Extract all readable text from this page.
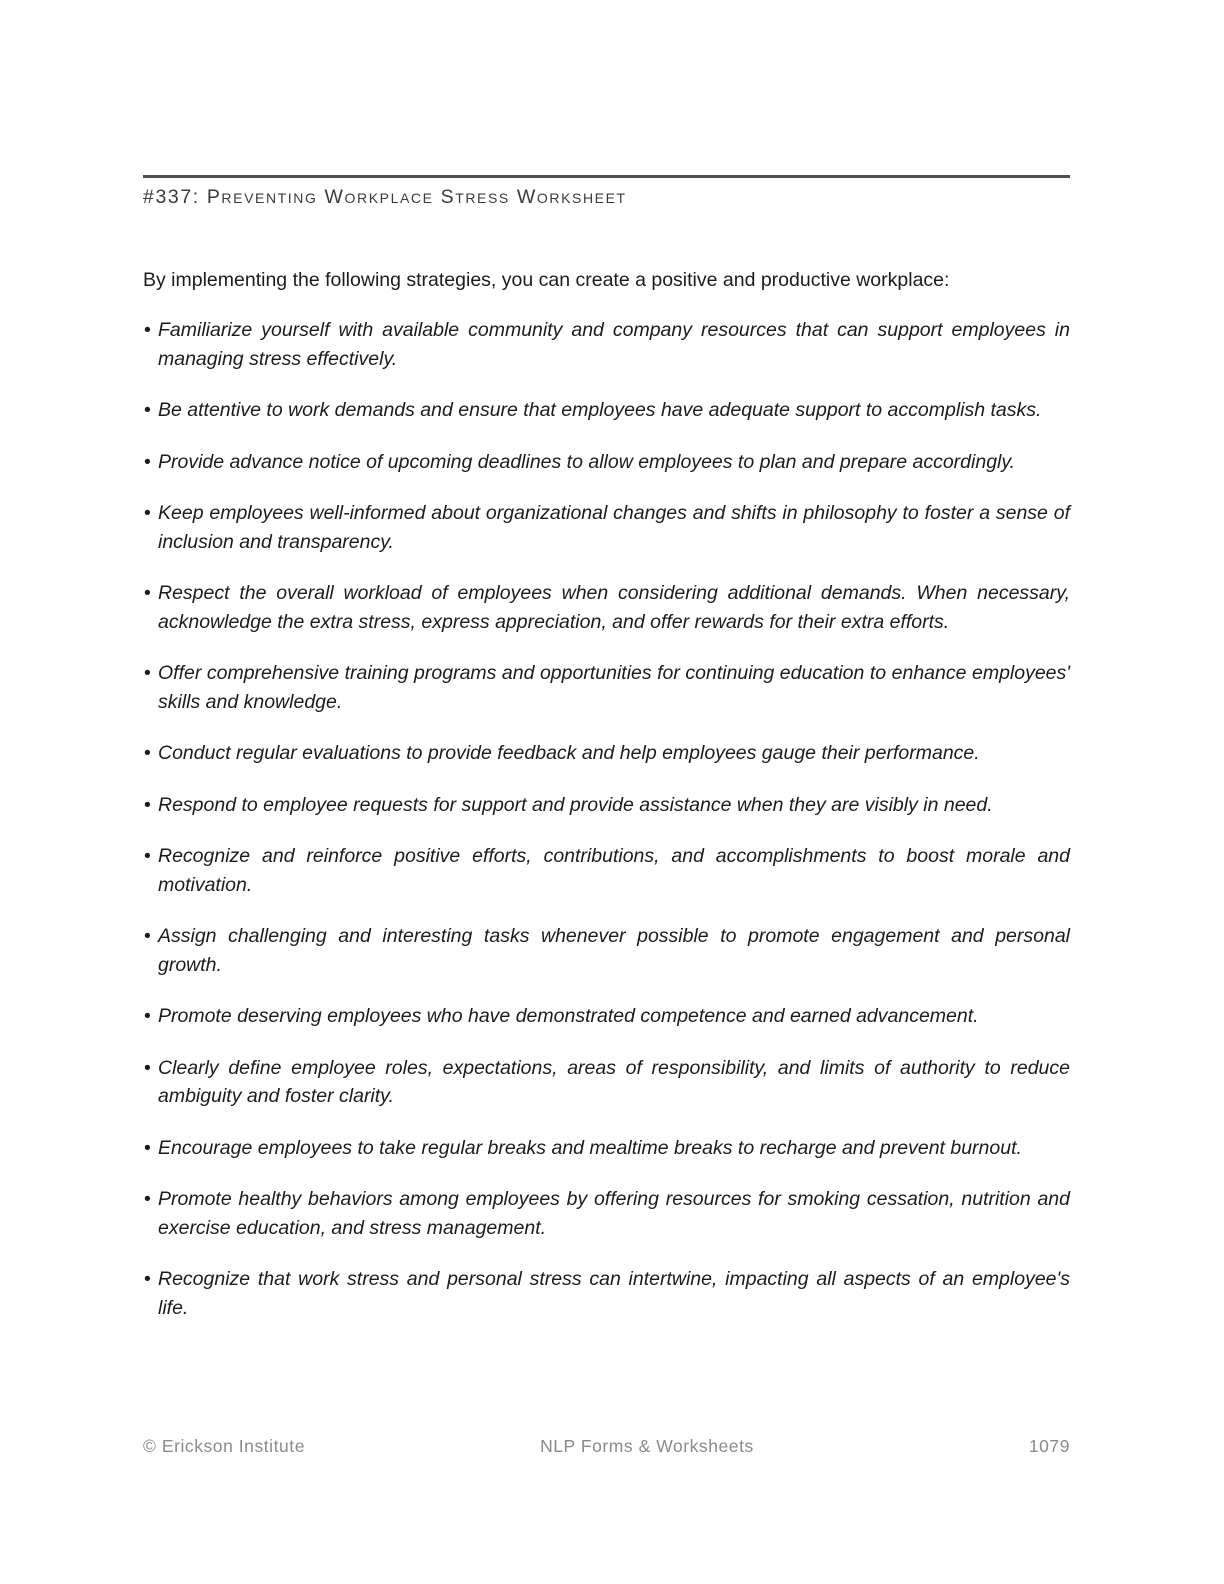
#337: Preventing Workplace Stress Worksheet

By implementing the following strategies, you can create a positive and productive workplace:

• Familiarize yourself with available community and company resources that can support employees in managing stress effectively.
• Be attentive to work demands and ensure that employees have adequate support to accomplish tasks.
• Provide advance notice of upcoming deadlines to allow employees to plan and prepare accordingly.
• Keep employees well-informed about organizational changes and shifts in philosophy to foster a sense of inclusion and transparency.
• Respect the overall workload of employees when considering additional demands. When necessary, acknowledge the extra stress, express appreciation, and offer rewards for their extra efforts.
• Offer comprehensive training programs and opportunities for continuing education to enhance employees' skills and knowledge.
• Conduct regular evaluations to provide feedback and help employees gauge their performance.
• Respond to employee requests for support and provide assistance when they are visibly in need.
• Recognize and reinforce positive efforts, contributions, and accomplishments to boost morale and motivation.
• Assign challenging and interesting tasks whenever possible to promote engagement and personal growth.
• Promote deserving employees who have demonstrated competence and earned advancement.
• Clearly define employee roles, expectations, areas of responsibility, and limits of authority to reduce ambiguity and foster clarity.
• Encourage employees to take regular breaks and mealtime breaks to recharge and prevent burnout.
• Promote healthy behaviors among employees by offering resources for smoking cessation, nutrition and exercise education, and stress management.
• Recognize that work stress and personal stress can intertwine, impacting all aspects of an employee's life.
© Erickson Institute	NLP Forms & Worksheets	1079
